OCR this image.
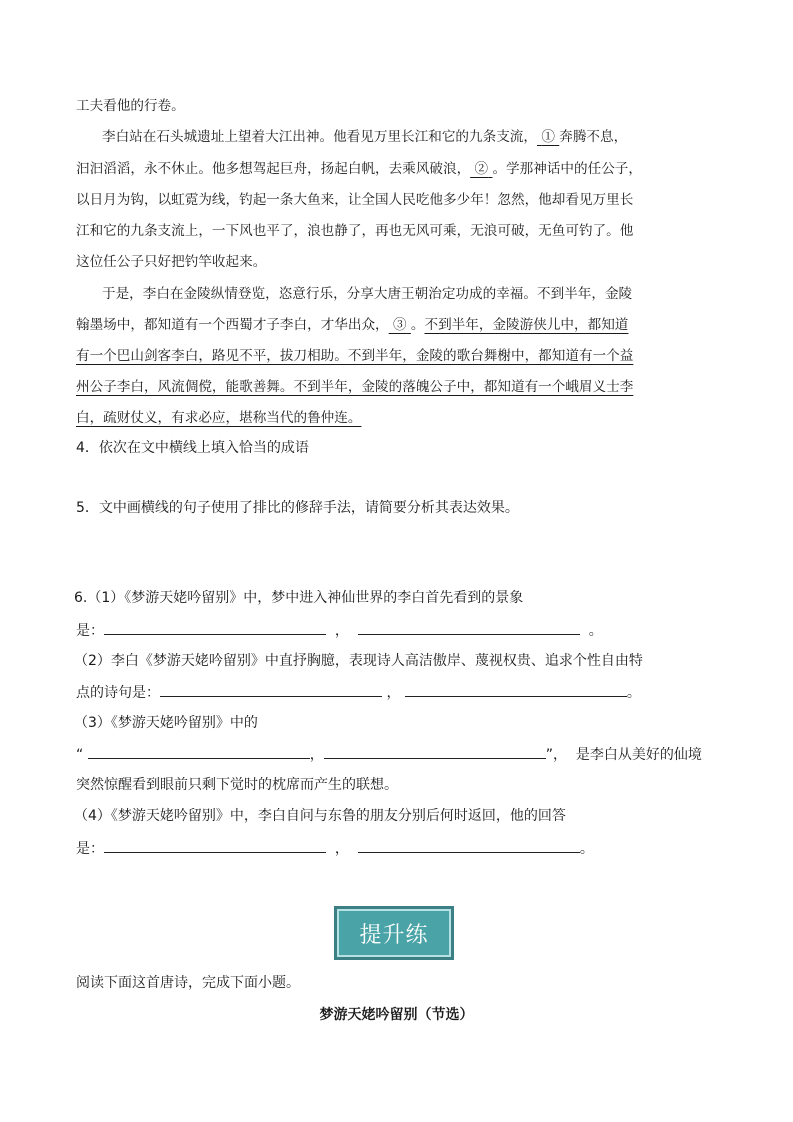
工夫看他的行卷。
李白站在石头城遗址上望着大江出神。他看见万里长江和它的九条支流， ① 奔腾不息，
汩汩滔滔，永不休止。他多想驾起巨舟，扬起白帆，去乘风破浪， ② 。学那神话中的任公子，
以日月为钩，以虹霓为线，钓起一条大鱼来，让全国人民吃他多少年！忽然，他却看见万里长
江和它的九条支流上，一下风也平了，浪也静了，再也无风可乘，无浪可破，无鱼可钓了。他
这位任公子只好把钓竿收起来。
于是，李白在金陵纵情登览，恣意行乐，分享大唐王朝治定功成的幸福。不到半年，金陵
翰墨场中，都知道有一个西蜀才子李白，才华出众， ③ 。不到半年，金陵游侠儿中，都知道
有一个巴山剑客李白，路见不平，拔刀相助。不到半年，金陵的歌台舞榭中，都知道有一个益
州公子李白，风流倜傥，能歌善舞。不到半年，金陵的落魄公子中，都知道有一个峨眉义士李
白，疏财仗义，有求必应，堪称当代的鲁仲连。
4．依次在文中横线上填入恰当的成语
5．文中画横线的句子使用了排比的修辞手法，请简要分析其表达效果。
6.（1）《梦游天姥吟留别》中，梦中进入神仙世界的李白首先看到的景象
是：	，	。
（2）李白《梦游天姥吟留别》中直抒胸臆，表现诗人高洁傲岸、蔑视权贵、追求个性自由特
点的诗句是：	，	。
（3）《梦游天姥吟留别》中的
“	，	”， 是李白从美好的仙境
突然惊醒看到眼前只剩下觉时的枕席而产生的联想。
（4）《梦游天姥吟留别》中，李白自问与东鲁的朋友分别后何时返回，他的回答
是：	，	。
提升练
阅读下面这首唐诗，完成下面小题。
梦游天姥吟留别（节选）
